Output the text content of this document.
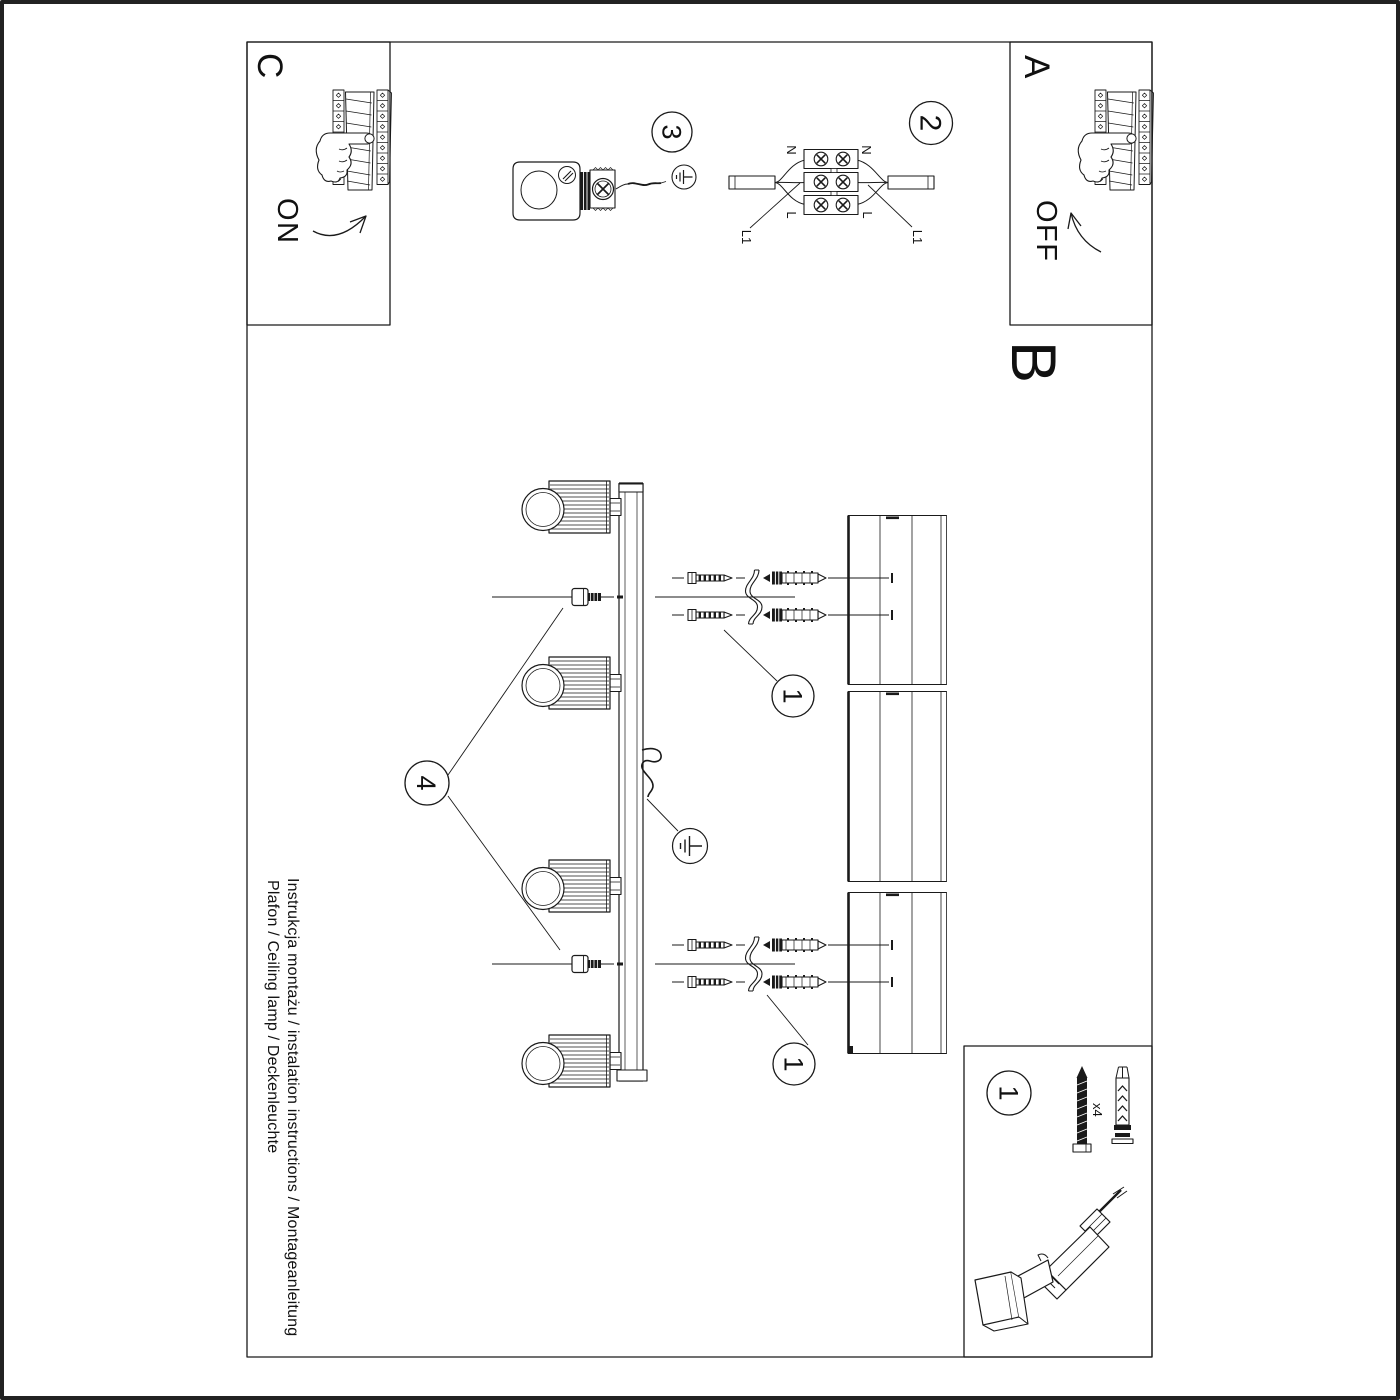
A
OFF
B
C
ON
N
N
L
L
L1
L1
2
3
1
1
4
1
x4
Instrukcja montażu / instalation instructions / Montageanleitung
Plafon / Ceiling lamp / Deckenleuchte
